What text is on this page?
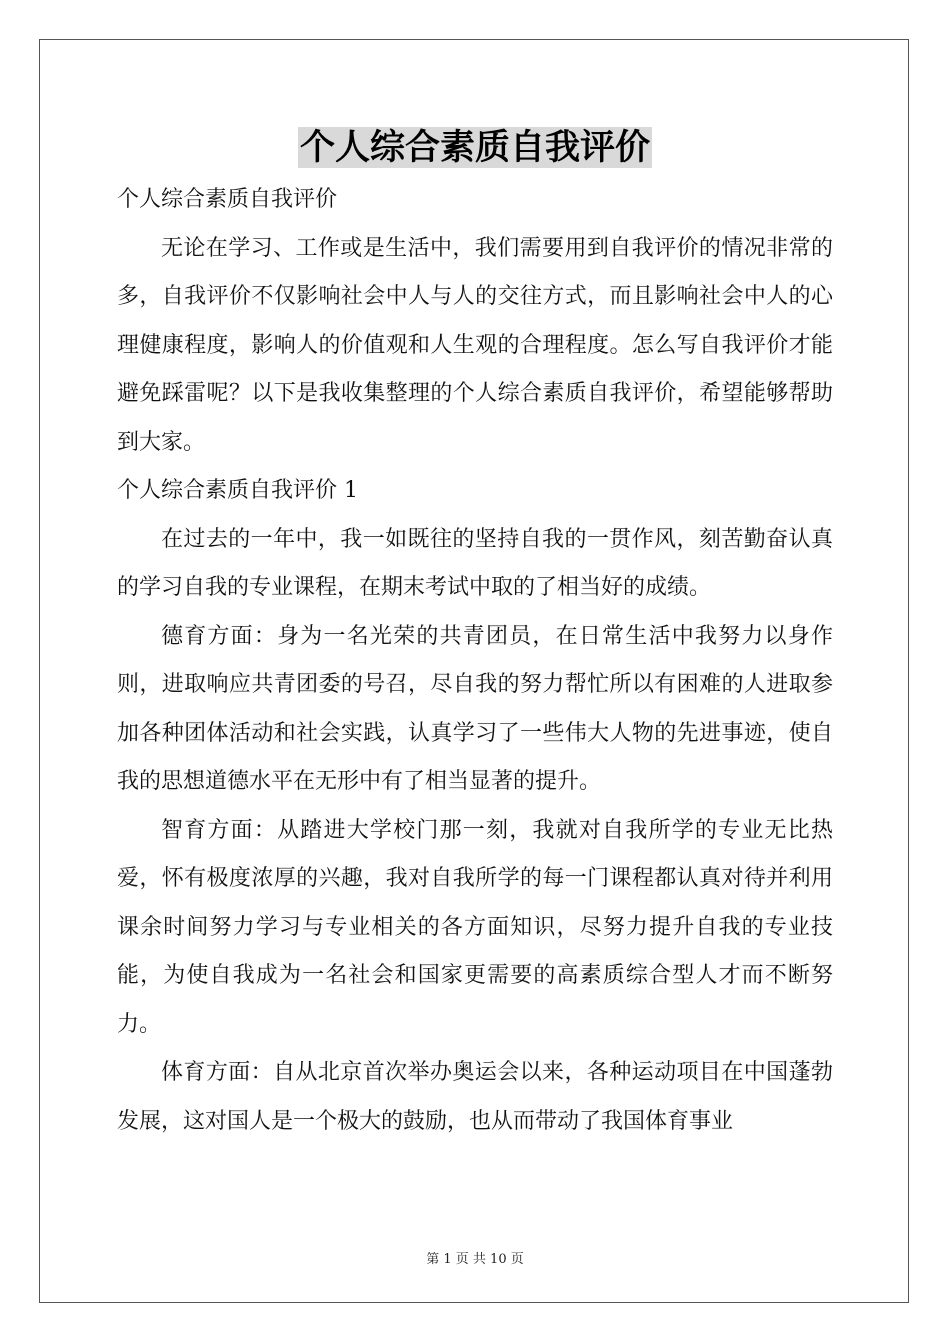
个人综合素质自我评价

个人综合素质自我评价

无论在学习、工作或是生活中，我们需要用到自我评价的情况非常的多，自我评价不仅影响社会中人与人的交往方式，而且影响社会中人的心理健康程度，影响人的价值观和人生观的合理程度。怎么写自我评价才能避免踩雷呢？以下是我收集整理的个人综合素质自我评价，希望能够帮助到大家。

个人综合素质自我评价 1

在过去的一年中，我一如既往的坚持自我的一贯作风，刻苦勤奋认真的学习自我的专业课程，在期末考试中取的了相当好的成绩。

德育方面：身为一名光荣的共青团员，在日常生活中我努力以身作则，进取响应共青团委的号召，尽自我的努力帮忙所以有困难的人进取参加各种团体活动和社会实践，认真学习了一些伟大人物的先进事迹，使自我的思想道德水平在无形中有了相当显著的提升。

智育方面：从踏进大学校门那一刻，我就对自我所学的专业无比热爱，怀有极度浓厚的兴趣，我对自我所学的每一门课程都认真对待并利用课余时间努力学习与专业相关的各方面知识，尽努力提升自我的专业技能，为使自我成为一名社会和国家更需要的高素质综合型人才而不断努力。

体育方面：自从北京首次举办奥运会以来，各种运动项目在中国蓬勃发展，这对国人是一个极大的鼓励，也从而带动了我国体育事业

第 1 页 共 10 页
